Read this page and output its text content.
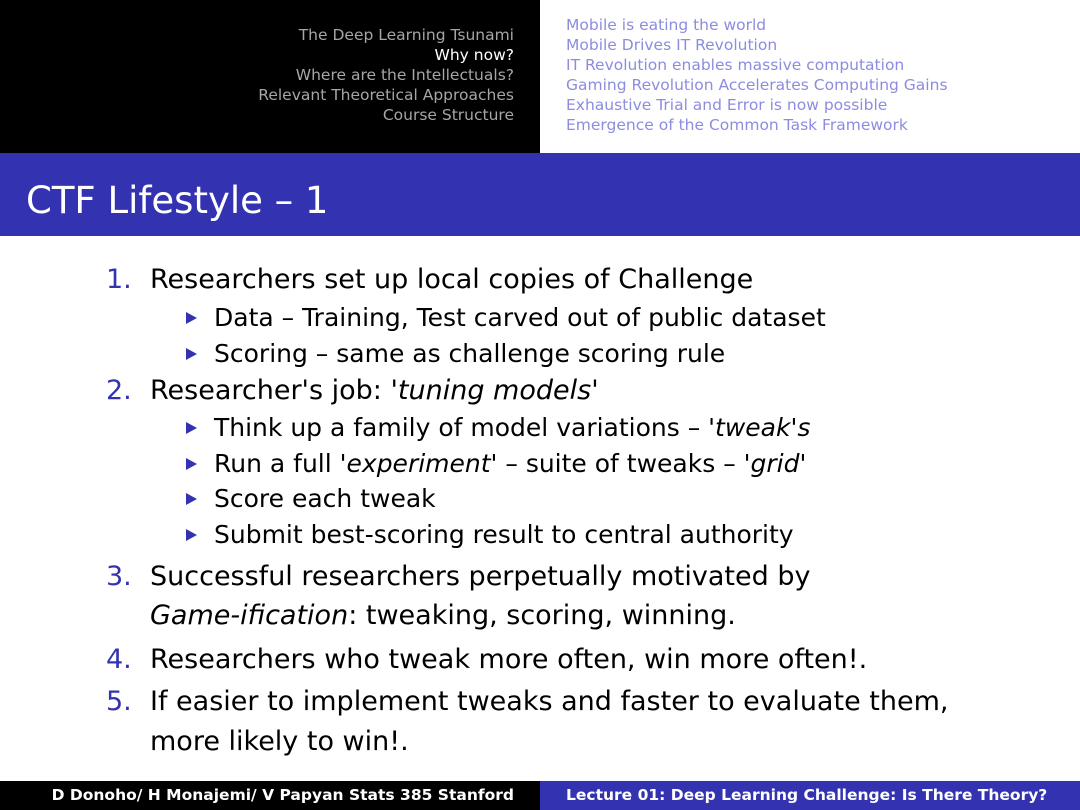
The Deep Learning Tsunami
Why now?
Where are the Intellectuals?
Relevant Theoretical Approaches
Course Structure
Mobile is eating the world
Mobile Drives IT Revolution
IT Revolution enables massive computation
Gaming Revolution Accelerates Computing Gains
Exhaustive Trial and Error is now possible
Emergence of the Common Task Framework
CTF Lifestyle – 1
1. Researchers set up local copies of Challenge
Data – Training, Test carved out of public dataset
Scoring – same as challenge scoring rule
2. Researcher's job: 'tuning models'
Think up a family of model variations – 'tweak's
Run a full 'experiment' – suite of tweaks – 'grid'
Score each tweak
Submit best-scoring result to central authority
3. Successful researchers perpetually motivated by
Game-ification: tweaking, scoring, winning.
4. Researchers who tweak more often, win more often!.
5. If easier to implement tweaks and faster to evaluate them,
more likely to win!.
D Donoho/ H Monajemi/ V Papyan Stats 385 Stanford	Lecture 01: Deep Learning Challenge: Is There Theory?
